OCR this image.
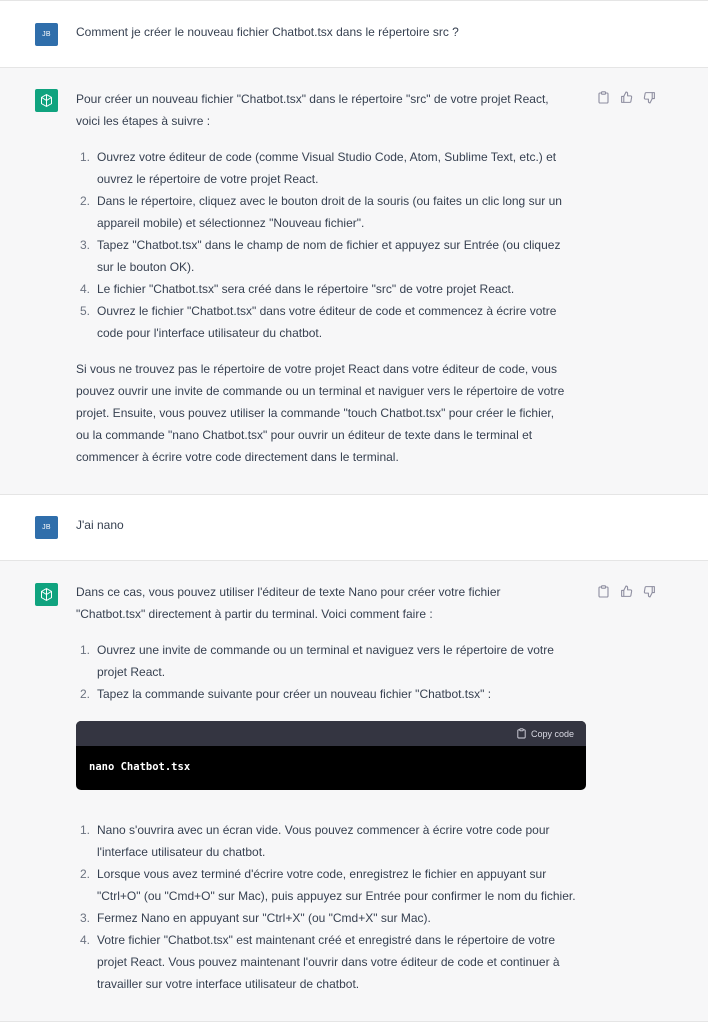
JB	Comment je créer le nouveau fichier Chatbot.tsx dans le répertoire src ?

Pour créer un nouveau fichier "Chatbot.tsx" dans le répertoire "src" de votre projet React,

voici les étapes à suivre :

1. Ouvrez votre éditeur de code (comme Visual Studio Code, Atom, Sublime Text, etc.) et
ouvrez le répertoire de votre projet React.
2. Dans le répertoire, cliquez avec le bouton droit de la souris (ou faites un clic long sur un
appareil mobile) et sélectionnez "Nouveau fichier".
3. Tapez "Chatbot.tsx" dans le champ de nom de fichier et appuyez sur Entrée (ou cliquez
sur le bouton OK).
4. Le fichier "Chatbot.tsx" sera créé dans le répertoire "src" de votre projet React.
5. Ouvrez le fichier "Chatbot.tsx" dans votre éditeur de code et commencez à écrire votre
code pour l'interface utilisateur du chatbot.

Si vous ne trouvez pas le répertoire de votre projet React dans votre éditeur de code, vous

pouvez ouvrir une invite de commande ou un terminal et naviguer vers le répertoire de votre

projet. Ensuite, vous pouvez utiliser la commande "touch Chatbot.tsx" pour créer le fichier,

ou la commande "nano Chatbot.tsx" pour ouvrir un éditeur de texte dans le terminal et

commencer à écrire votre code directement dans le terminal.

JB	J'ai nano

Dans ce cas, vous pouvez utiliser l'éditeur de texte Nano pour créer votre fichier

"Chatbot.tsx" directement à partir du terminal. Voici comment faire :

1. Ouvrez une invite de commande ou un terminal et naviguez vers le répertoire de votre
projet React.
2. Tapez la commande suivante pour créer un nouveau fichier "Chatbot.tsx" :
Copy code
nano Chatbot.tsx
1. Nano s'ouvrira avec un écran vide. Vous pouvez commencer à écrire votre code pour
l'interface utilisateur du chatbot.
2. Lorsque vous avez terminé d'écrire votre code, enregistrez le fichier en appuyant sur
"Ctrl+O" (ou "Cmd+O" sur Mac), puis appuyez sur Entrée pour confirmer le nom du fichier.
3. Fermez Nano en appuyant sur "Ctrl+X" (ou "Cmd+X" sur Mac).
4. Votre fichier "Chatbot.tsx" est maintenant créé et enregistré dans le répertoire de votre
projet React. Vous pouvez maintenant l'ouvrir dans votre éditeur de code et continuer à
travailler sur votre interface utilisateur de chatbot.
